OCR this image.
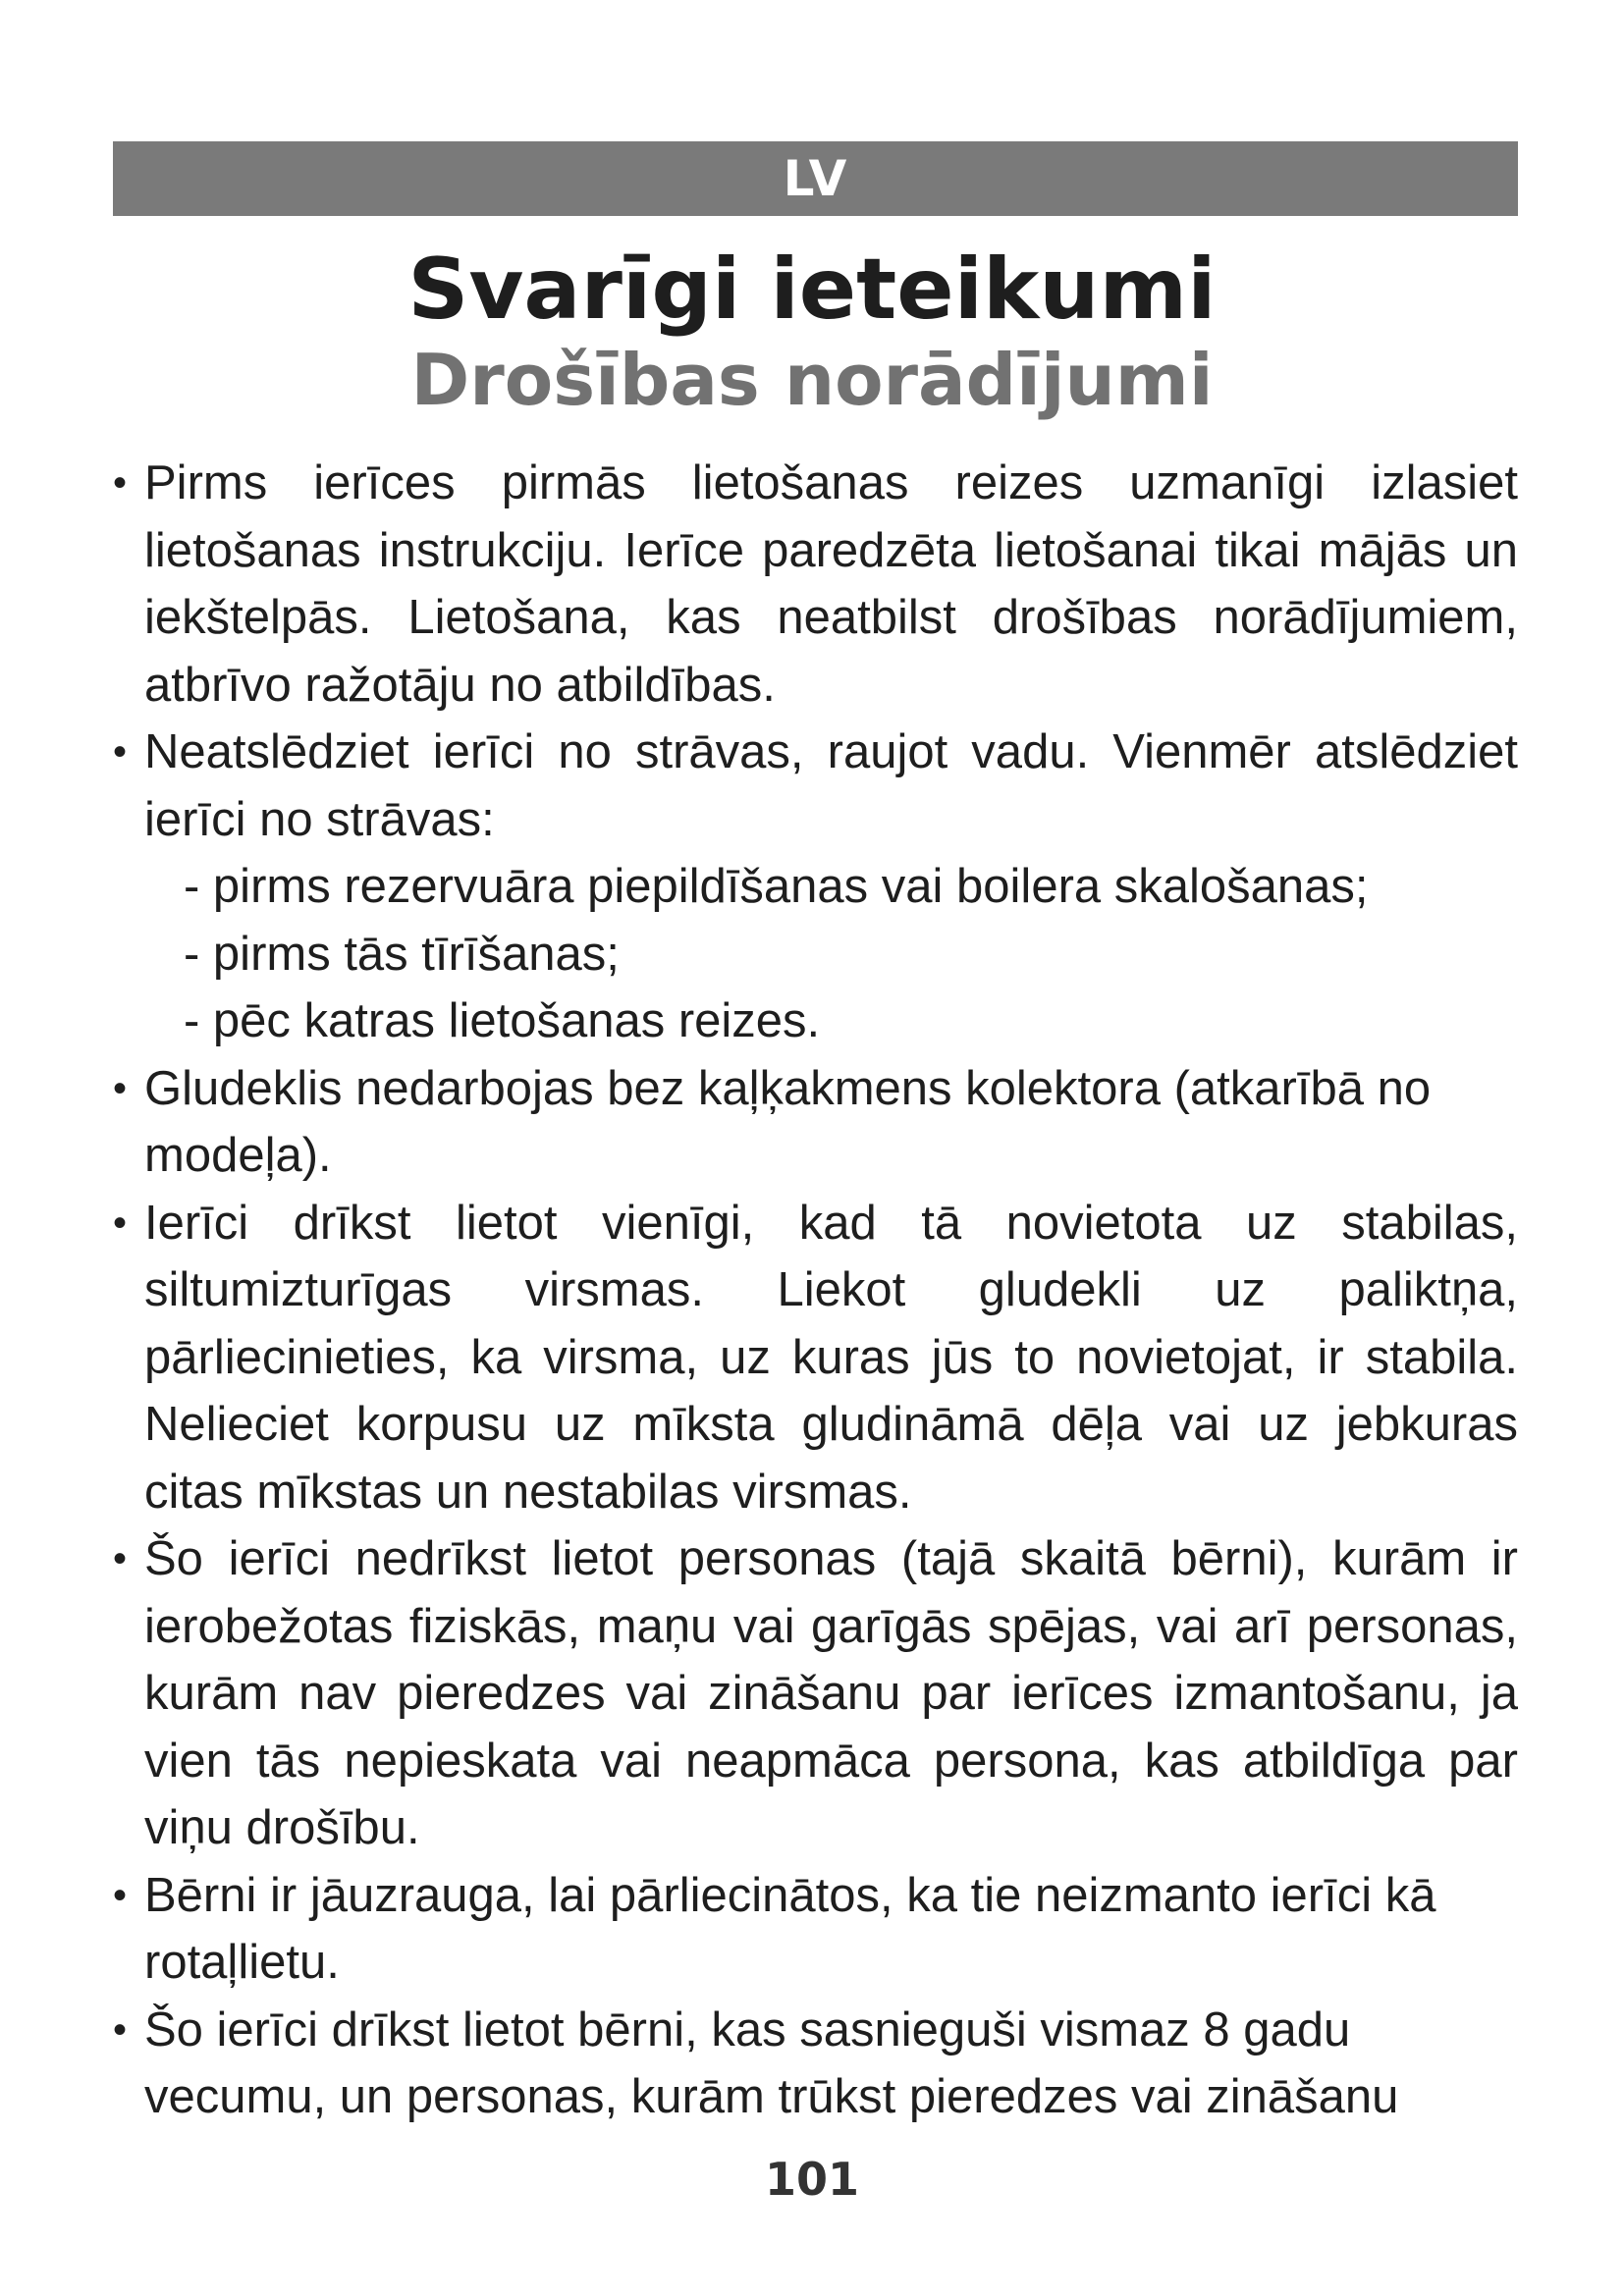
LV
Svarīgi ieteikumi
Drošības norādījumi
• Pirms ierīces pirmās lietošanas reizes uzmanīgi izlasiet lietošanas instrukciju. Ierīce paredzēta lietošanai tikai mājās un iekštelpās. Lietošana, kas neatbilst drošības norādījumiem, atbrīvo ražotāju no atbildības.
• Neatslēdziet ierīci no strāvas, raujot vadu. Vienmēr atslēdziet ierīci no strāvas:
- pirms rezervuāra piepildīšanas vai boilera skalošanas;
- pirms tās tīrīšanas;
- pēc katras lietošanas reizes.
• Gludeklis nedarbojas bez kaļķakmens kolektora (atkarībā no modeļa).
• Ierīci drīkst lietot vienīgi, kad tā novietota uz stabilas, siltumizturīgas virsmas. Liekot gludekli uz paliktņa, pārliecinieties, ka virsma, uz kuras jūs to novietojat, ir stabila. Nelieciet korpusu uz mīksta gludināmā dēļa vai uz jebkuras citas mīkstas un nestabilas virsmas.
• Šo ierīci nedrīkst lietot personas (tajā skaitā bērni), kurām ir ierobežotas fiziskās, maņu vai garīgās spējas, vai arī personas, kurām nav pieredzes vai zināšanu par ierīces izmantošanu, ja vien tās nepieskata vai neapmāca persona, kas atbildīga par viņu drošību.
• Bērni ir jāuzrauga, lai pārliecinātos, ka tie neizmanto ierīci kā rotaļlietu.
• Šo ierīci drīkst lietot bērni, kas sasnieguši vismaz 8 gadu vecumu, un personas, kurām trūkst pieredzes vai zināšanu
101
